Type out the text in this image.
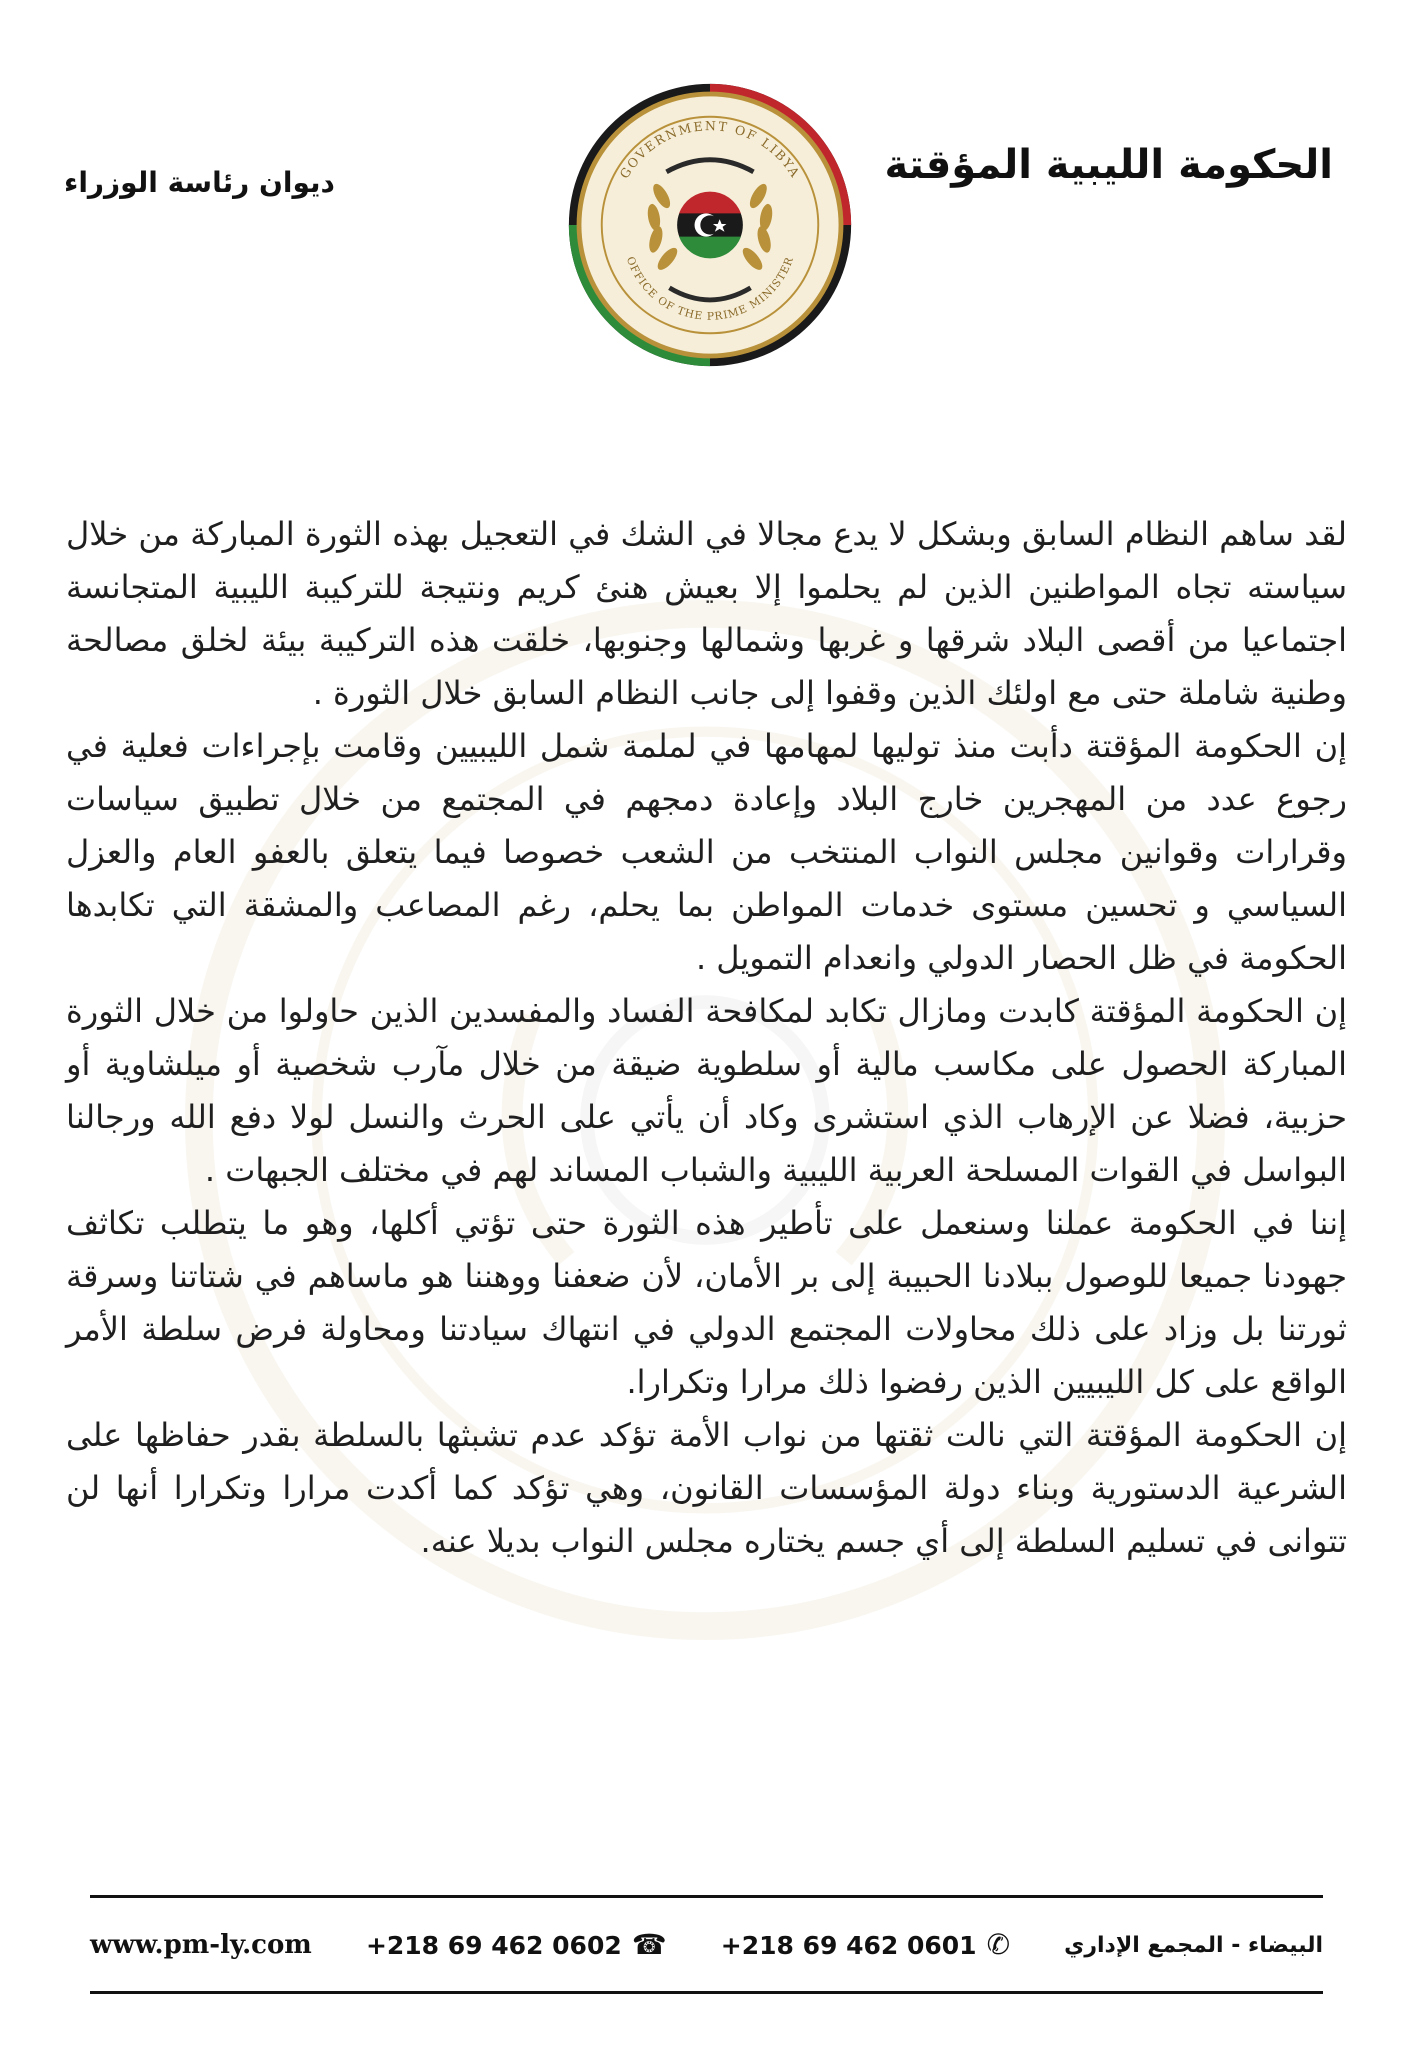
الحكومة الليبية المؤقتة
ديوان رئاسة الوزراء	GOVERNMENT OF LIBYA
OFFICE OF THE PRIME MINISTER

لقد ساهم النظام السابق وبشكل لا يدع مجالا في الشك في التعجيل بهذه الثورة المباركة من خلال سياسته تجاه المواطنين الذين لم يحلموا إلا بعيش هنئ كريم ونتيجة للتركيبة الليبية المتجانسة اجتماعيا من أقصى البلاد شرقها و غربها وشمالها وجنوبها، خلقت هذه التركيبة بيئة لخلق مصالحة وطنية شاملة حتى مع اولئك الذين وقفوا إلى جانب النظام السابق خلال الثورة .

إن الحكومة المؤقتة دأبت منذ توليها لمهامها في لملمة شمل الليبيين وقامت بإجراءات فعلية في رجوع عدد من المهجرين خارج البلاد وإعادة دمجهم في المجتمع من خلال تطبيق سياسات وقرارات وقوانين مجلس النواب المنتخب من الشعب خصوصا فيما يتعلق بالعفو العام والعزل السياسي و تحسين مستوى خدمات المواطن بما يحلم، رغم المصاعب والمشقة التي تكابدها الحكومة في ظل الحصار الدولي وانعدام التمويل .

إن الحكومة المؤقتة كابدت ومازال تكابد لمكافحة الفساد والمفسدين الذين حاولوا من خلال الثورة المباركة الحصول على مكاسب مالية أو سلطوية ضيقة من خلال مآرب شخصية أو ميلشاوية أو حزبية، فضلا عن الإرهاب الذي استشرى وكاد أن يأتي على الحرث والنسل لولا دفع الله ورجالنا البواسل في القوات المسلحة العربية الليبية والشباب المساند لهم في مختلف الجبهات .

إننا في الحكومة عملنا وسنعمل على تأطير هذه الثورة حتى تؤتي أكلها، وهو ما يتطلب تكاثف جهودنا جميعا للوصول ببلادنا الحبيبة إلى بر الأمان، لأن ضعفنا ووهننا هو ماساهم في شتاتنا وسرقة ثورتنا بل وزاد على ذلك محاولات المجتمع الدولي في انتهاك سيادتنا ومحاولة فرض سلطة الأمر الواقع على كل الليبيين الذين رفضوا ذلك مرارا وتكرارا.

إن الحكومة المؤقتة التي نالت ثقتها من نواب الأمة تؤكد عدم تشبثها بالسلطة بقدر حفاظها على الشرعية الدستورية وبناء دولة المؤسسات القانون، وهي تؤكد كما أكدت مرارا وتكرارا أنها لن تتوانى في تسليم السلطة إلى أي جسم يختاره مجلس النواب بديلا عنه.

www.pm-ly.com +218 69 462 0602 ☎ +218 69 462 0601 ✆ البيضاء - المجمع الإداري
